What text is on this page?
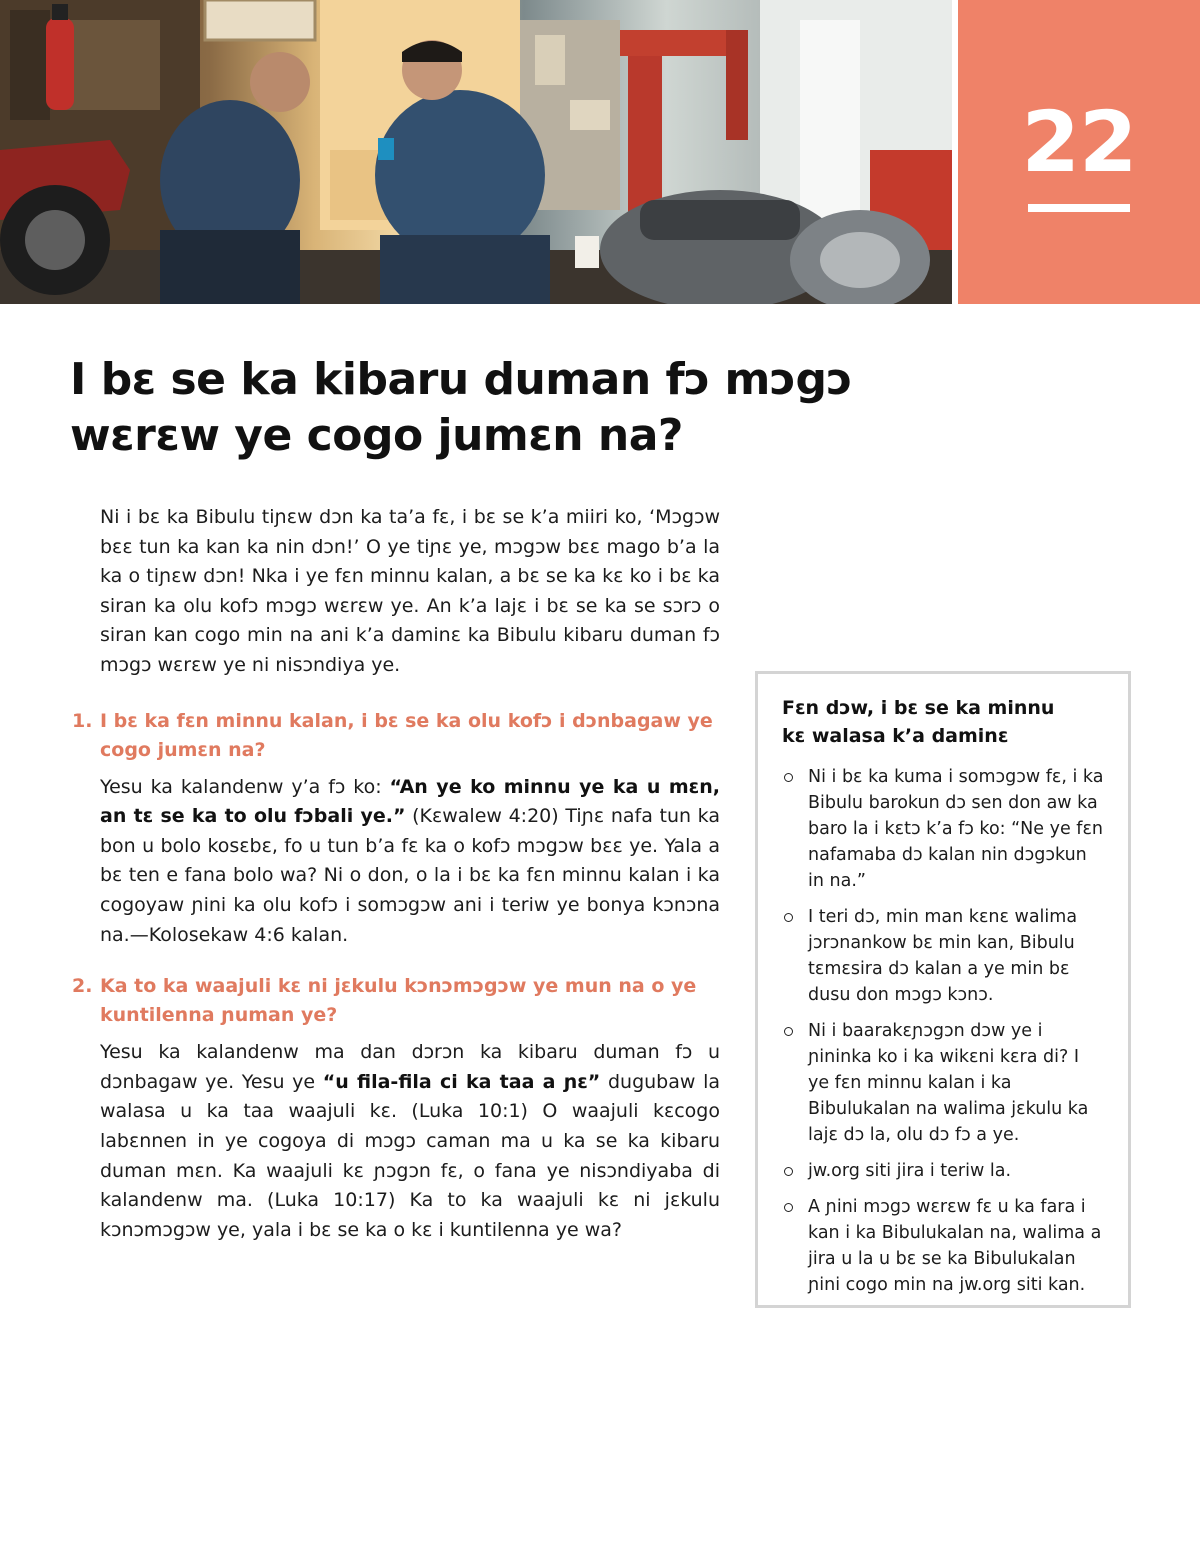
22
I bɛ se ka kibaru duman fɔ mɔgɔ
wɛrɛw ye cogo jumɛn na?

Ni i bɛ ka Bibulu tiɲɛw dɔn ka ta’a fɛ, i bɛ se k’a miiri ko, ‘Mɔgɔw bɛɛ tun ka kan ka nin dɔn!’ O ye tiɲɛ ye, mɔgɔw bɛɛ mago b’a la ka o tiɲɛw dɔn! Nka i ye fɛn minnu kalan, a bɛ se ka kɛ ko i bɛ ka siran ka olu kofɔ mɔgɔ wɛrɛw ye. An k’a lajɛ i bɛ se ka se sɔrɔ o siran kan cogo min na ani k’a daminɛ ka Bibulu kibaru duman fɔ mɔgɔ wɛrɛw ye ni nisɔndiya ye.

1. I bɛ ka fɛn minnu kalan, i bɛ se ka olu kofɔ i dɔnbagaw ye cogo jumɛn na?

Yesu ka kalandenw y’a fɔ ko: “An ye ko minnu ye ka u mɛn, an tɛ se ka to olu fɔbali ye.” (Kɛwalew 4:20) Tiɲɛ nafa tun ka bon u bolo kosɛbɛ, fo u tun b’a fɛ ka o kofɔ mɔgɔw bɛɛ ye. Yala a bɛ ten e fana bolo wa? Ni o don, o la i bɛ ka fɛn minnu kalan i ka cogoyaw ɲini ka olu kofɔ i somɔgɔw ani i teriw ye bonya kɔnɔna na.—Kolosekaw 4:6 kalan.

2. Ka to ka waajuli kɛ ni jɛkulu kɔnɔmɔgɔw ye mun na o ye kuntilenna ɲuman ye?

Yesu ka kalandenw ma dan dɔrɔn ka kibaru duman fɔ u dɔnbagaw ye. Yesu ye “u fila-fila ci ka taa a ɲɛ” dugubaw la walasa u ka taa waajuli kɛ. (Luka 10:1) O waajuli kɛcogo labɛnnen in ye cogoya di mɔgɔ caman ma u ka se ka kibaru duman mɛn. Ka waajuli kɛ ɲɔgɔn fɛ, o fana ye nisɔndiyaba di kalandenw ma. (Luka 10:17) Ka to ka waajuli kɛ ni jɛkulu kɔnɔmɔgɔw ye, yala i bɛ se ka o kɛ i kuntilenna ye wa?

Fɛn dɔw, i bɛ se ka minnu
kɛ walasa k’a daminɛ
Ni i bɛ ka kuma i somɔgɔw fɛ, i ka Bibulu barokun dɔ sen don aw ka baro la i kɛtɔ k’a fɔ ko: “Ne ye fɛn nafamaba dɔ kalan nin dɔgɔkun in na.”
I teri dɔ, min man kɛnɛ walima jɔrɔnankow bɛ min kan, Bibulu tɛmɛsira dɔ kalan a ye min bɛ dusu don mɔgɔ kɔnɔ.
Ni i baarakɛɲɔgɔn dɔw ye i ɲininka ko i ka wikɛni kɛra di? I ye fɛn minnu kalan i ka Bibulukalan na walima jɛkulu ka lajɛ dɔ la, olu dɔ fɔ a ye.
jw.org siti jira i teriw la.
A ɲini mɔgɔ wɛrɛw fɛ u ka fara i kan i ka Bibulukalan na, walima a jira u la u bɛ se ka Bibulukalan ɲini cogo min na jw.org siti kan.
